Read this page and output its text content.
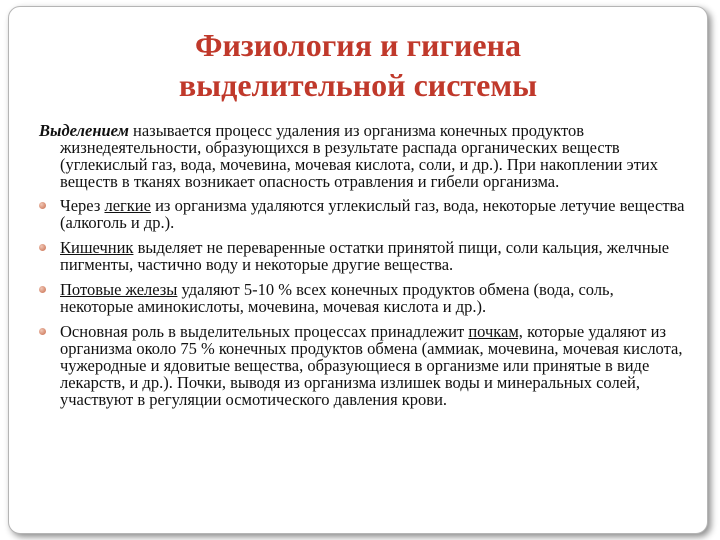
Физиология и гигиена
выделительной системы

Выделением называется процесс удаления из организма конечных продуктов жизнедеятельности, образующихся в результате распада органических веществ (углекислый газ, вода, мочевина, мочевая кислота, соли, и др.). При накоплении этих веществ в тканях возникает опасность отравления и гибели организма.

Через легкие из организма удаляются углекислый газ, вода, некоторые летучие вещества (алкоголь и др.).
Кишечник выделяет не переваренные остатки принятой пищи, соли кальция, желчные пигменты, частично воду и некоторые другие вещества.
Потовые железы удаляют 5-10 % всех конечных продуктов обмена (вода, соль, некоторые аминокислоты, мочевина, мочевая кислота и др.).
Основная роль в выделительных процессах принадлежит почкам, которые удаляют из организма около 75 % конечных продуктов обмена (аммиак, мочевина, мочевая кислота, чужеродные и ядовитые вещества, образующиеся в организме или принятые в виде лекарств, и др.). Почки, выводя из организма излишек воды и минеральных солей, участвуют в регуляции осмотического давления крови.
